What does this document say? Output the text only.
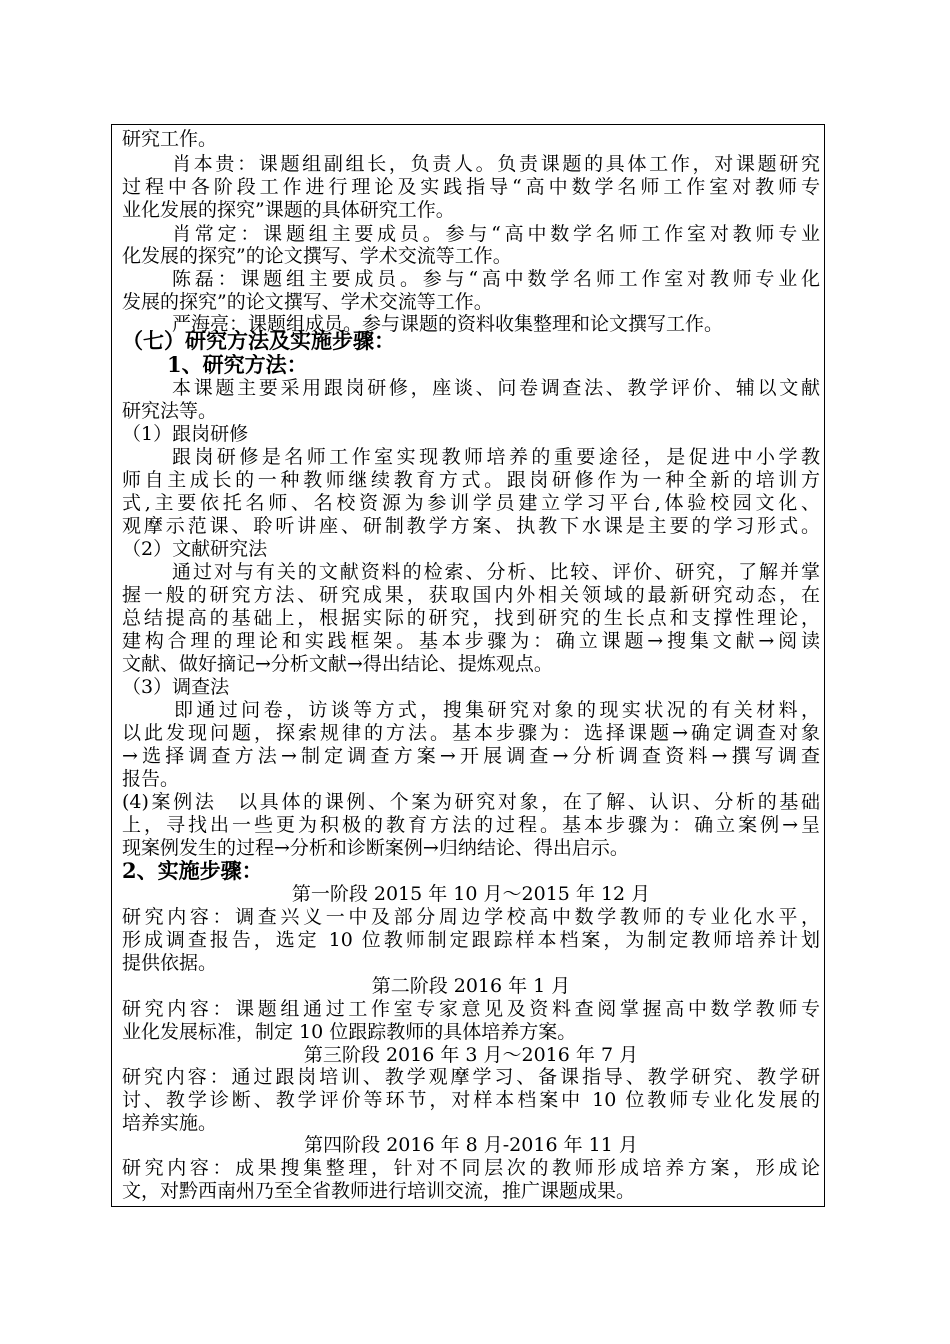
研究工作。
肖本贵：课题组副组长，负责人。负责课题的具体工作，对课题研究
过程中各阶段工作进行理论及实践指导“高中数学名师工作室对教师专
业化发展的探究”课题的具体研究工作。
肖常定：课题组主要成员。参与“高中数学名师工作室对教师专业
化发展的探究”的论文撰写、学术交流等工作。
陈磊：课题组主要成员。参与“高中数学名师工作室对教师专业化
发展的探究”的论文撰写、学术交流等工作。
严海亮：课题组成员。参与课题的资料收集整理和论文撰写工作。
（七）研究方法及实施步骤：
1、研究方法：
本课题主要采用跟岗研修，座谈、问卷调查法、教学评价、辅以文献
研究法等。
（1）跟岗研修
跟岗研修是名师工作室实现教师培养的重要途径，是促进中小学教
师自主成长的一种教师继续教育方式。跟岗研修作为一种全新的培训方
式,主要依托名师、名校资源为参训学员建立学习平台,体验校园文化、
观摩示范课、聆听讲座、研制教学方案、执教下水课是主要的学习形式。
（2）文献研究法
通过对与有关的文献资料的检索、分析、比较、评价、研究，了解并掌
握一般的研究方法、研究成果，获取国内外相关领域的最新研究动态，在
总结提高的基础上，根据实际的研究，找到研究的生长点和支撑性理论，
建构合理的理论和实践框架。基本步骤为：确立课题→搜集文献→阅读
文献、做好摘记→分析文献→得出结论、提炼观点。
（3）调查法
即通过问卷，访谈等方式，搜集研究对象的现实状况的有关材料，
以此发现问题，探索规律的方法。基本步骤为：选择课题→确定调查对象
→选择调查方法→制定调查方案→开展调查→分析调查资料→撰写调查
报告。
(4)案例法　以具体的课例、个案为研究对象，在了解、认识、分析的基础
上，寻找出一些更为积极的教育方法的过程。基本步骤为：确立案例→呈
现案例发生的过程→分析和诊断案例→归纳结论、得出启示。
2、实施步骤：
第一阶段 2015 年 10 月～2015 年 12 月
研究内容：调查兴义一中及部分周边学校高中数学教师的专业化水平，
形成调查报告，选定 10 位教师制定跟踪样本档案，为制定教师培养计划
提供依据。
第二阶段 2016 年 1 月
研究内容：课题组通过工作室专家意见及资料查阅掌握高中数学教师专
业化发展标准，制定 10 位跟踪教师的具体培养方案。
第三阶段 2016 年 3 月～2016 年 7 月
研究内容：通过跟岗培训、教学观摩学习、备课指导、教学研究、教学研
讨、教学诊断、教学评价等环节，对样本档案中 10 位教师专业化发展的
培养实施。
第四阶段 2016 年 8 月-2016 年 11 月
研究内容：成果搜集整理，针对不同层次的教师形成培养方案，形成论
文，对黔西南州乃至全省教师进行培训交流，推广课题成果。
